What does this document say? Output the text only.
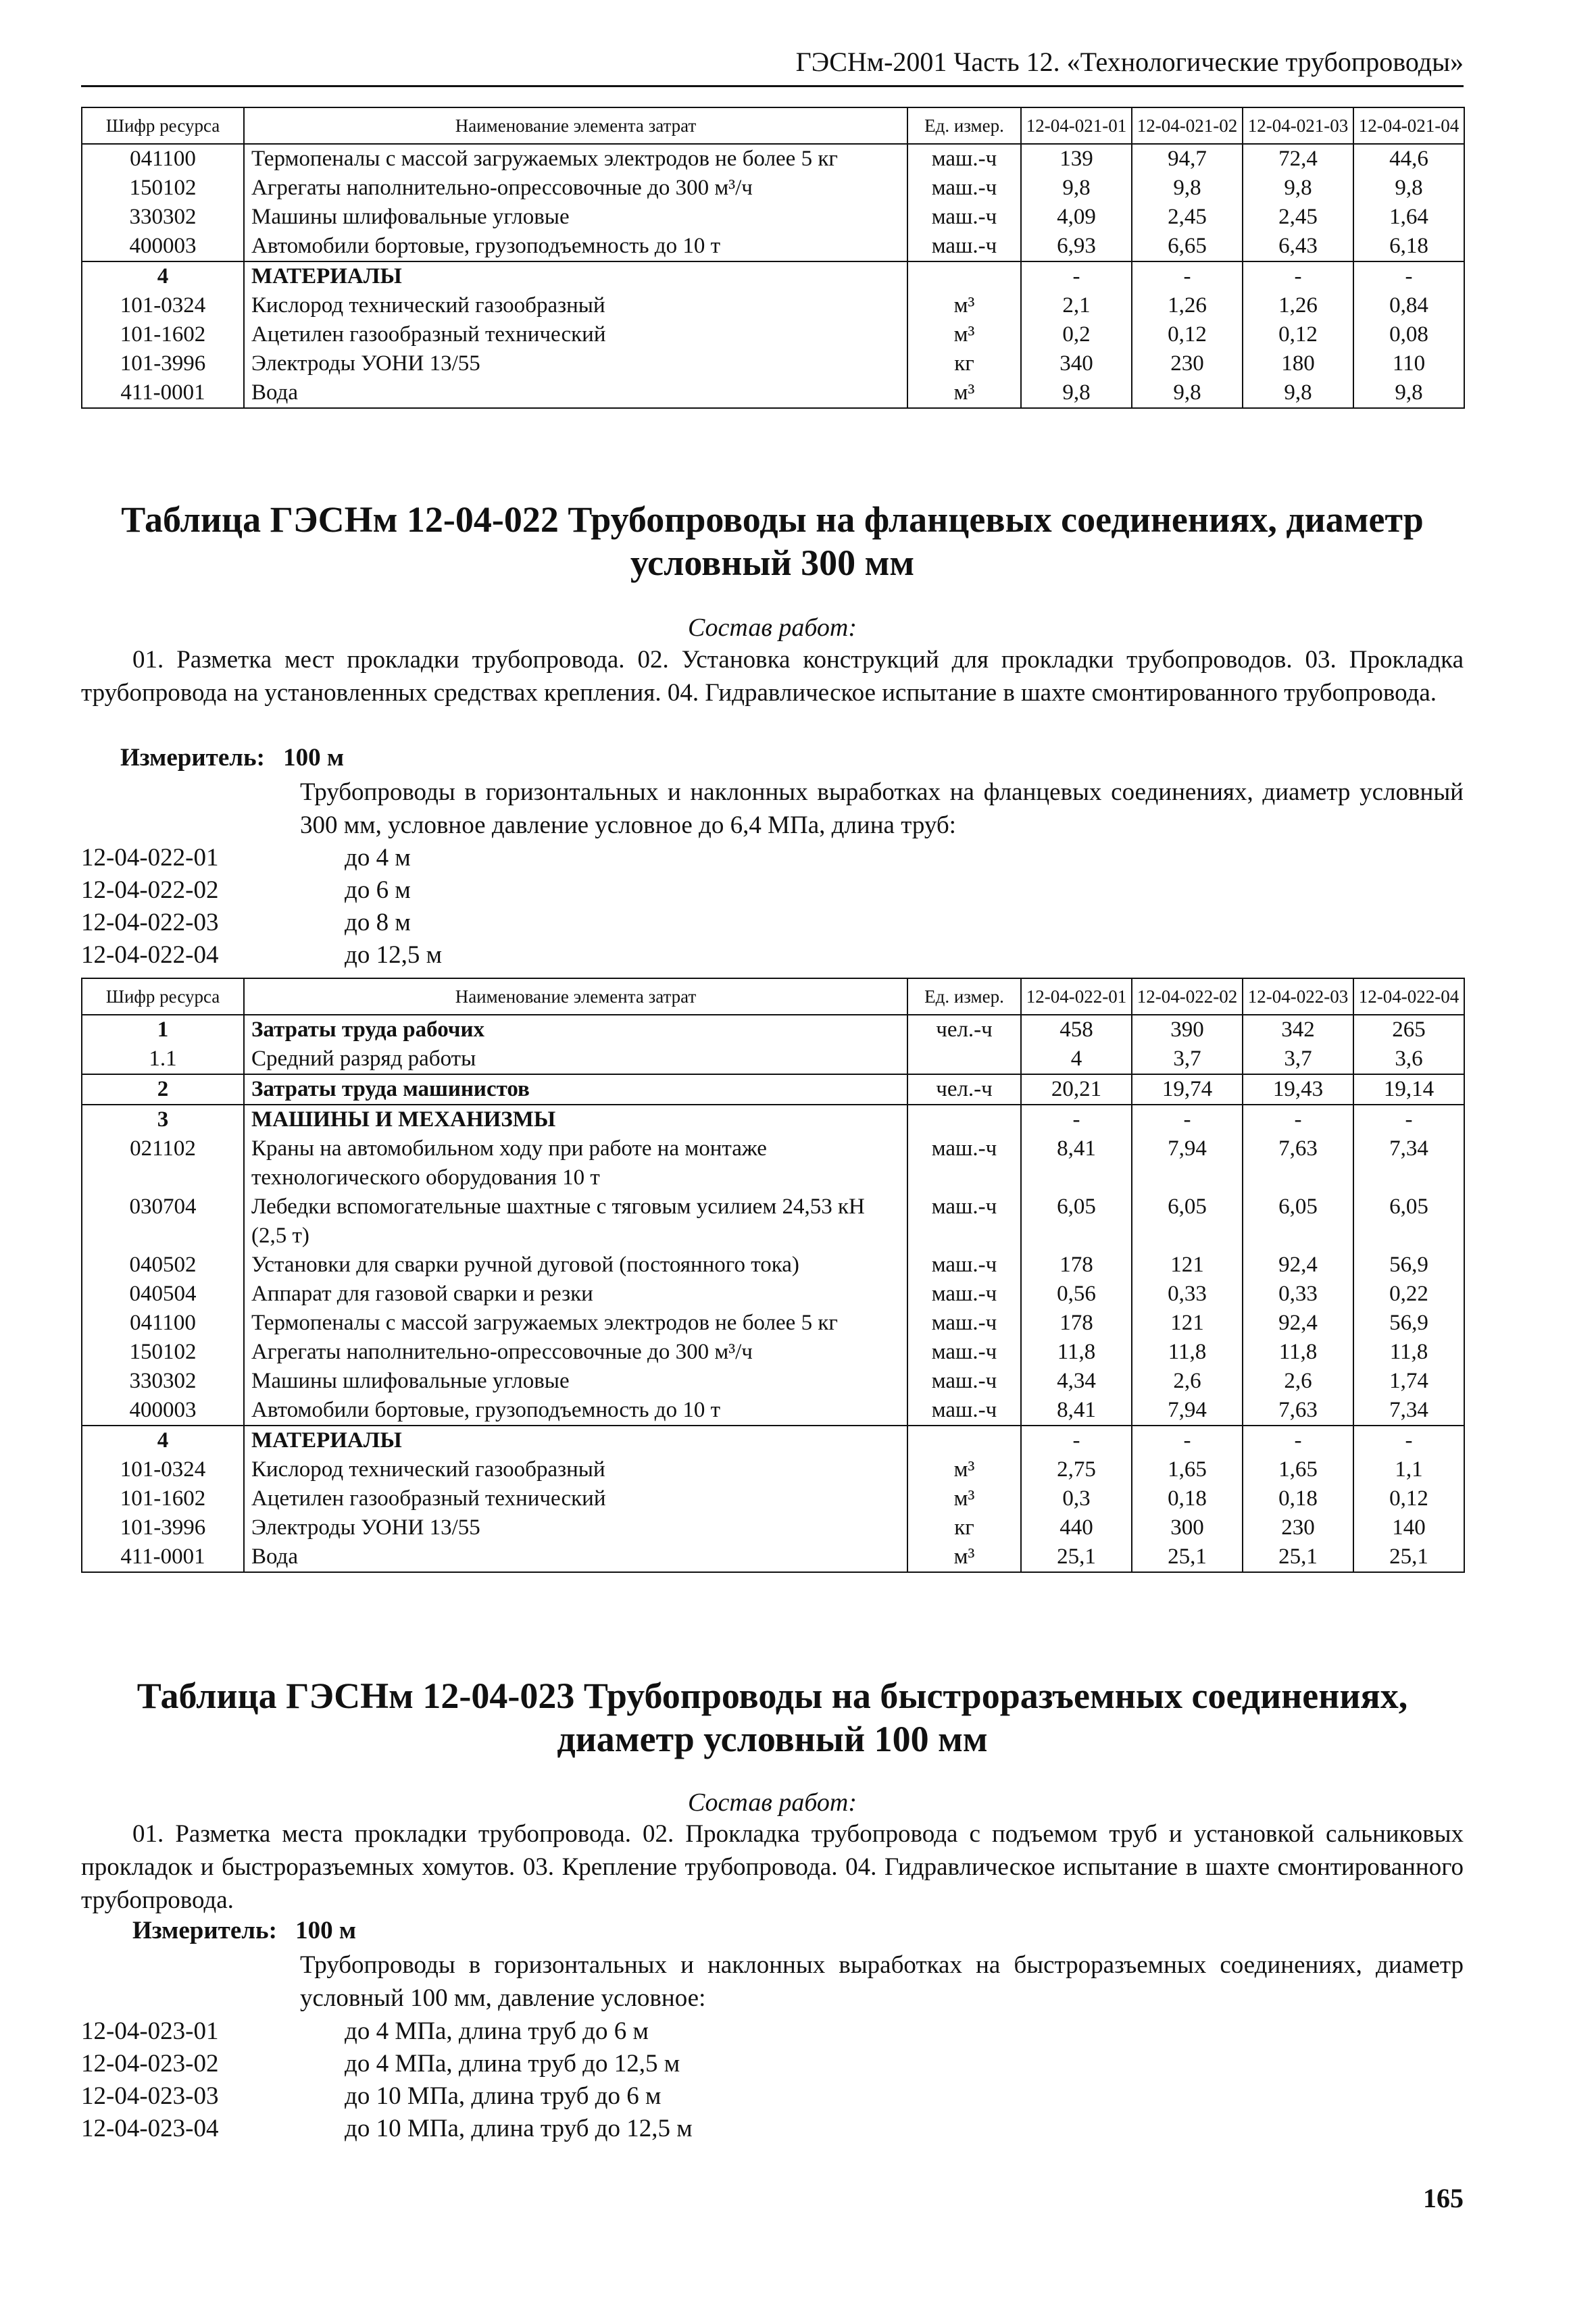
ГЭСНм-2001 Часть 12. «Технологические трубопроводы»
Шифр ресурса	Наименование элемента затрат	Ед. измер.	12-04-021-01	12-04-021-02	12-04-021-03	12-04-021-04
041100	Термопеналы с массой загружаемых электродов не более 5 кг	маш.-ч	139	94,7	72,4	44,6
150102	Агрегаты наполнительно-опрессовочные до 300 м³/ч	маш.-ч	9,8	9,8	9,8	9,8
330302	Машины шлифовальные угловые	маш.-ч	4,09	2,45	2,45	1,64
400003	Автомобили бортовые, грузоподъемность до 10 т	маш.-ч	6,93	6,65	6,43	6,18
4	МАТЕРИАЛЫ		-	-	-	-
101-0324	Кислород технический газообразный	м³	2,1	1,26	1,26	0,84
101-1602	Ацетилен газообразный технический	м³	0,2	0,12	0,12	0,08
101-3996	Электроды УОНИ 13/55	кг	340	230	180	110
411-0001	Вода	м³	9,8	9,8	9,8	9,8
Таблица ГЭСНм 12-04-022 Трубопроводы на фланцевых соединениях, диаметр условный 300 мм
Состав работ:
01. Разметка мест прокладки трубопровода. 02. Установка конструкций для прокладки трубопроводов. 03. Прокладка трубопровода на установленных средствах крепления. 04. Гидравлическое испытание в шахте смонтированного трубопровода.
Измеритель: 100 м
Трубопроводы в горизонтальных и наклонных выработках на фланцевых соединениях, диаметр условный 300 мм, условное давление условное до 6,4 МПа, длина труб:
12-04-022-01	до 4 м
12-04-022-02	до 6 м
12-04-022-03	до 8 м
12-04-022-04	до 12,5 м
Шифр ресурса	Наименование элемента затрат	Ед. измер.	12-04-022-01	12-04-022-02	12-04-022-03	12-04-022-04
1	Затраты труда рабочих	чел.-ч	458	390	342	265
1.1	Средний разряд работы		4	3,7	3,7	3,6
2	Затраты труда машинистов	чел.-ч	20,21	19,74	19,43	19,14
3	МАШИНЫ И МЕХАНИЗМЫ		-	-	-	-
021102	Краны на автомобильном ходу при работе на монтаже технологического оборудования 10 т	маш.-ч	8,41	7,94	7,63	7,34
030704	Лебедки вспомогательные шахтные с тяговым усилием 24,53 кН (2,5 т)	маш.-ч	6,05	6,05	6,05	6,05
040502	Установки для сварки ручной дуговой (постоянного тока)	маш.-ч	178	121	92,4	56,9
040504	Аппарат для газовой сварки и резки	маш.-ч	0,56	0,33	0,33	0,22
041100	Термопеналы с массой загружаемых электродов не более 5 кг	маш.-ч	178	121	92,4	56,9
150102	Агрегаты наполнительно-опрессовочные до 300 м³/ч	маш.-ч	11,8	11,8	11,8	11,8
330302	Машины шлифовальные угловые	маш.-ч	4,34	2,6	2,6	1,74
400003	Автомобили бортовые, грузоподъемность до 10 т	маш.-ч	8,41	7,94	7,63	7,34
4	МАТЕРИАЛЫ		-	-	-	-
101-0324	Кислород технический газообразный	м³	2,75	1,65	1,65	1,1
101-1602	Ацетилен газообразный технический	м³	0,3	0,18	0,18	0,12
101-3996	Электроды УОНИ 13/55	кг	440	300	230	140
411-0001	Вода	м³	25,1	25,1	25,1	25,1
Таблица ГЭСНм 12-04-023 Трубопроводы на быстроразъемных соединениях, диаметр условный 100 мм
Состав работ:
01. Разметка места прокладки трубопровода. 02. Прокладка трубопровода с подъемом труб и установкой сальниковых прокладок и быстроразъемных хомутов. 03. Крепление трубопровода. 04. Гидравлическое испытание в шахте смонтированного трубопровода.
Измеритель: 100 м
Трубопроводы в горизонтальных и наклонных выработках на быстроразъемных соединениях, диаметр условный 100 мм, давление условное:
12-04-023-01	до 4 МПа, длина труб до 6 м
12-04-023-02	до 4 МПа, длина труб до 12,5 м
12-04-023-03	до 10 МПа, длина труб до 6 м
12-04-023-04	до 10 МПа, длина труб до 12,5 м
165
